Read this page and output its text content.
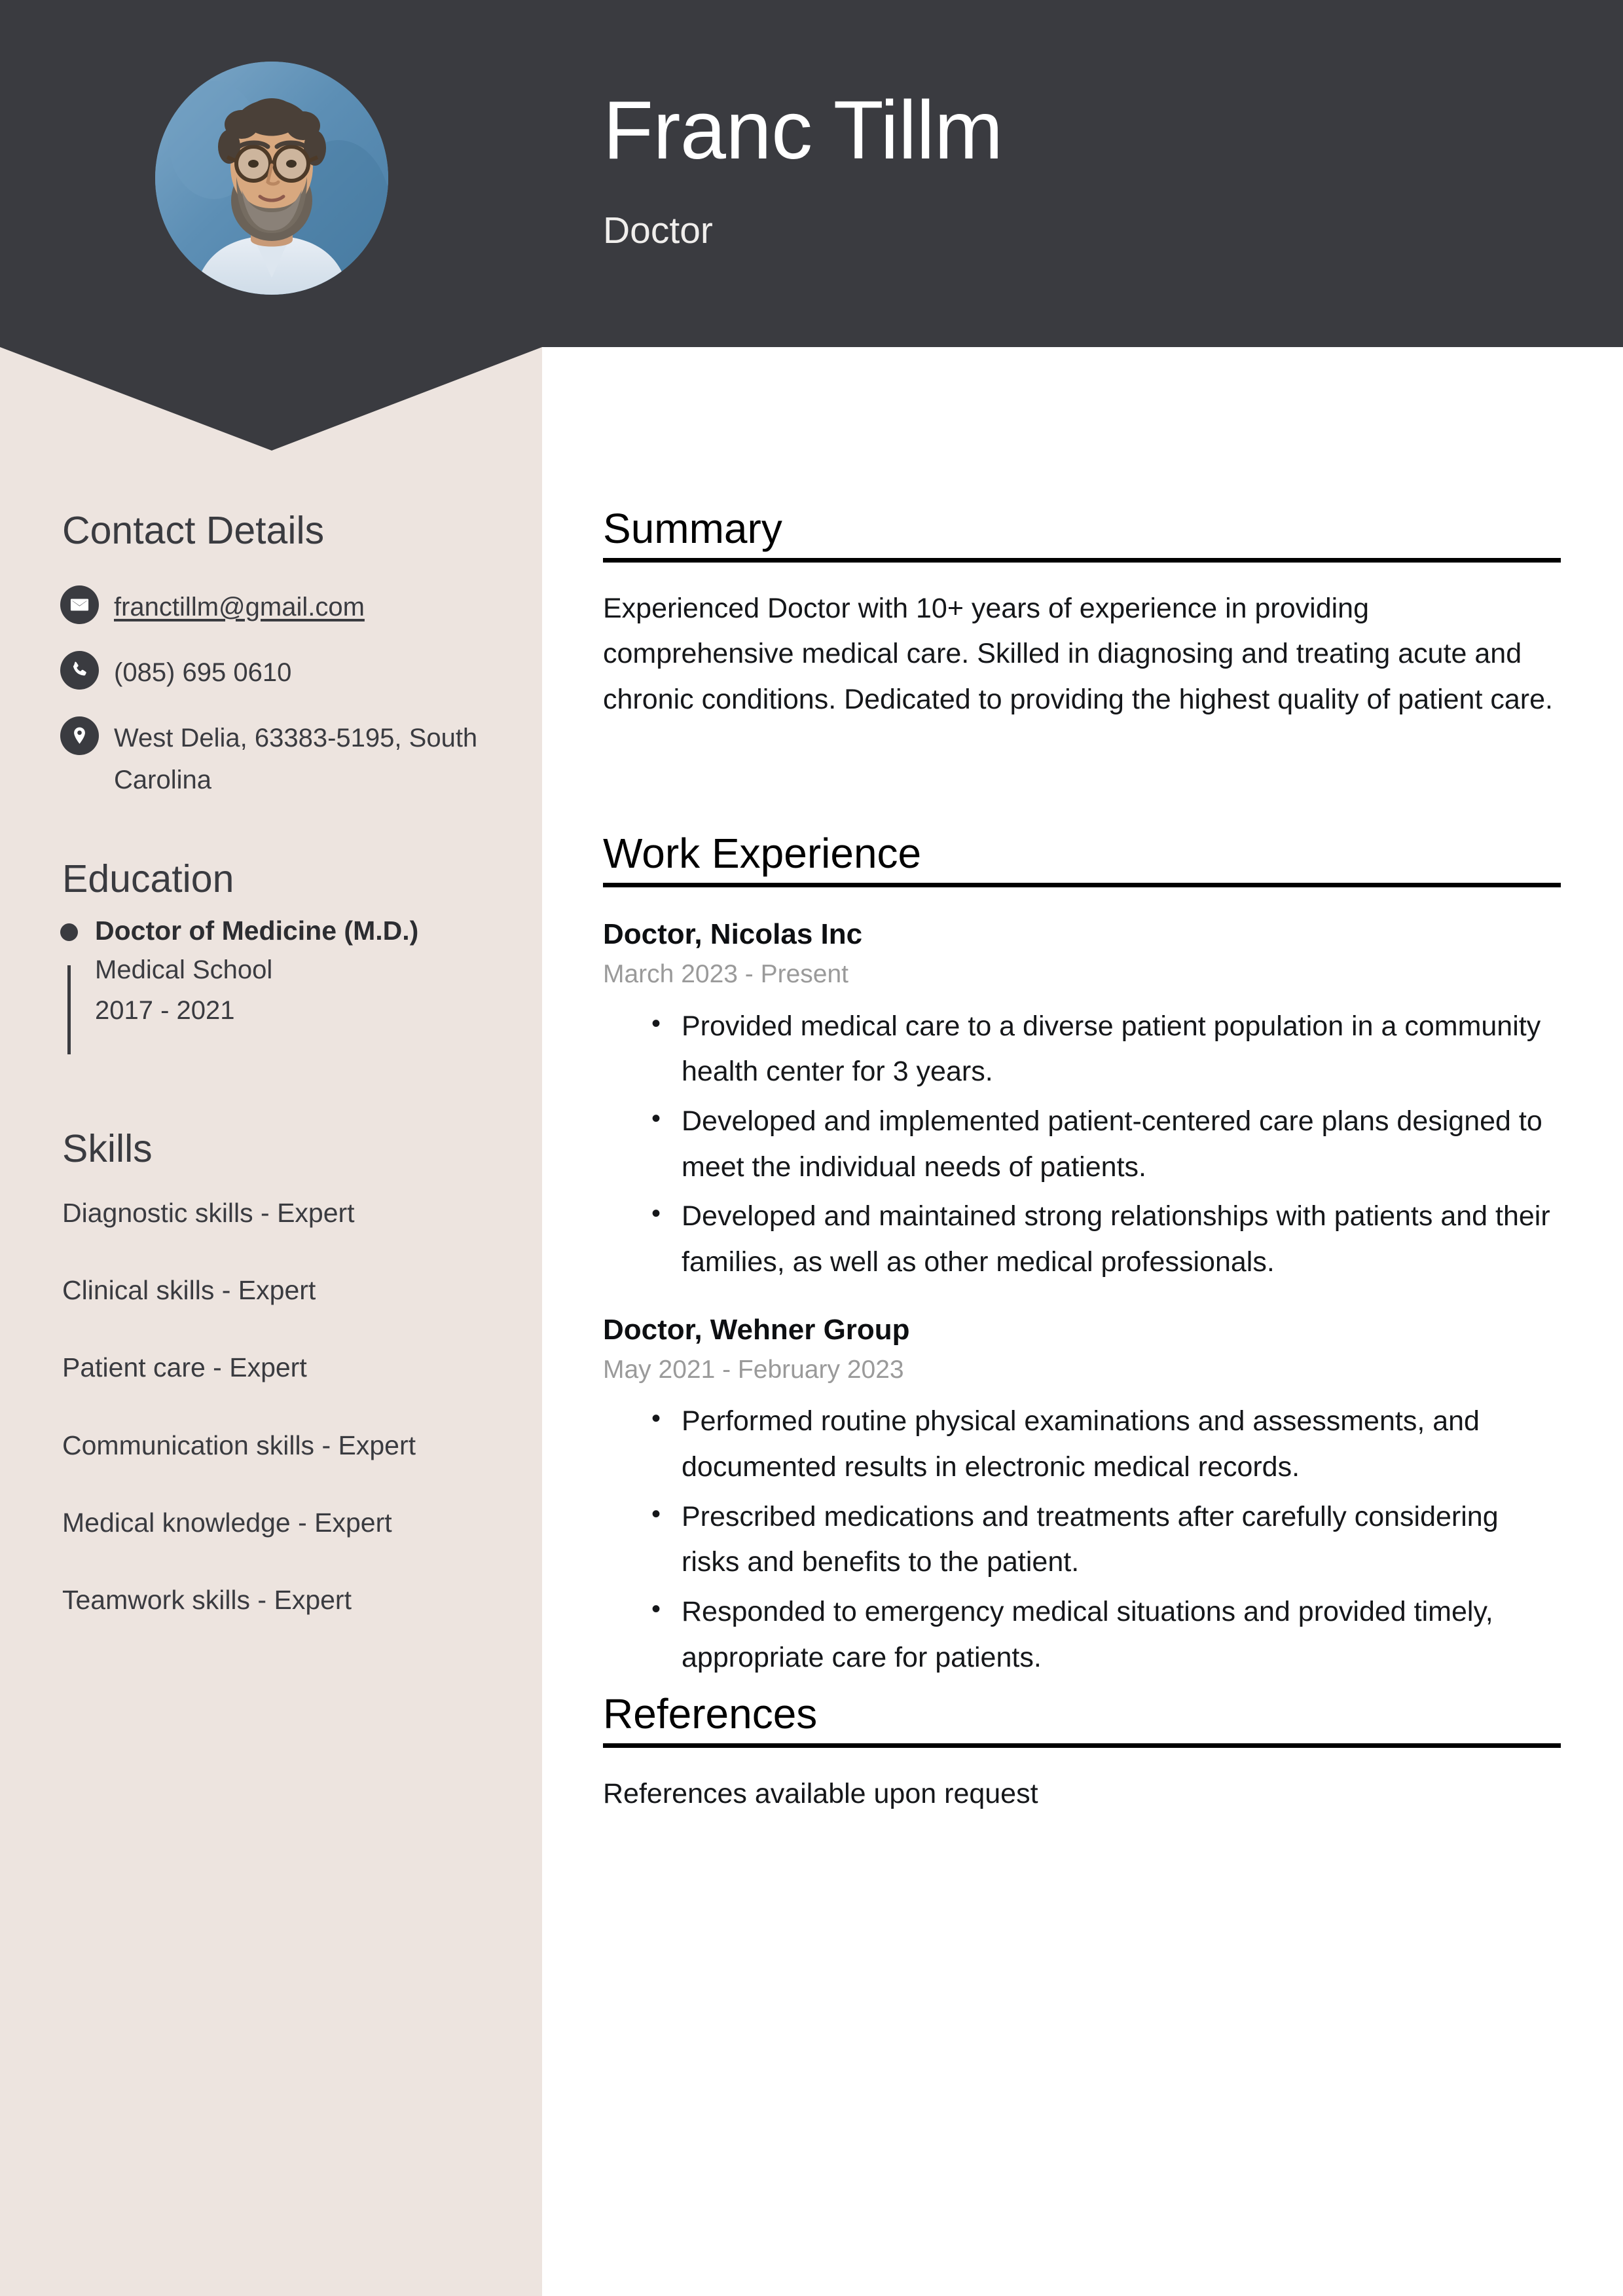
Franc Tillm
Doctor
Contact Details
franctillm@gmail.com
(085) 695 0610
West Delia, 63383-5195, South Carolina
Education
Doctor of Medicine (M.D.)
Medical School
2017 - 2021
Skills
Diagnostic skills - Expert
Clinical skills - Expert
Patient care - Expert
Communication skills - Expert
Medical knowledge - Expert
Teamwork skills - Expert
Summary
Experienced Doctor with 10+ years of experience in providing comprehensive medical care. Skilled in diagnosing and treating acute and chronic conditions. Dedicated to providing the highest quality of patient care.
Work Experience
Doctor, Nicolas Inc
March 2023 - Present
• Provided medical care to a diverse patient population in a community health center for 3 years.
• Developed and implemented patient-centered care plans designed to meet the individual needs of patients.
• Developed and maintained strong relationships with patients and their families, as well as other medical professionals.
Doctor, Wehner Group
May 2021 - February 2023
• Performed routine physical examinations and assessments, and documented results in electronic medical records.
• Prescribed medications and treatments after carefully considering risks and benefits to the patient.
• Responded to emergency medical situations and provided timely, appropriate care for patients.
References
References available upon request
